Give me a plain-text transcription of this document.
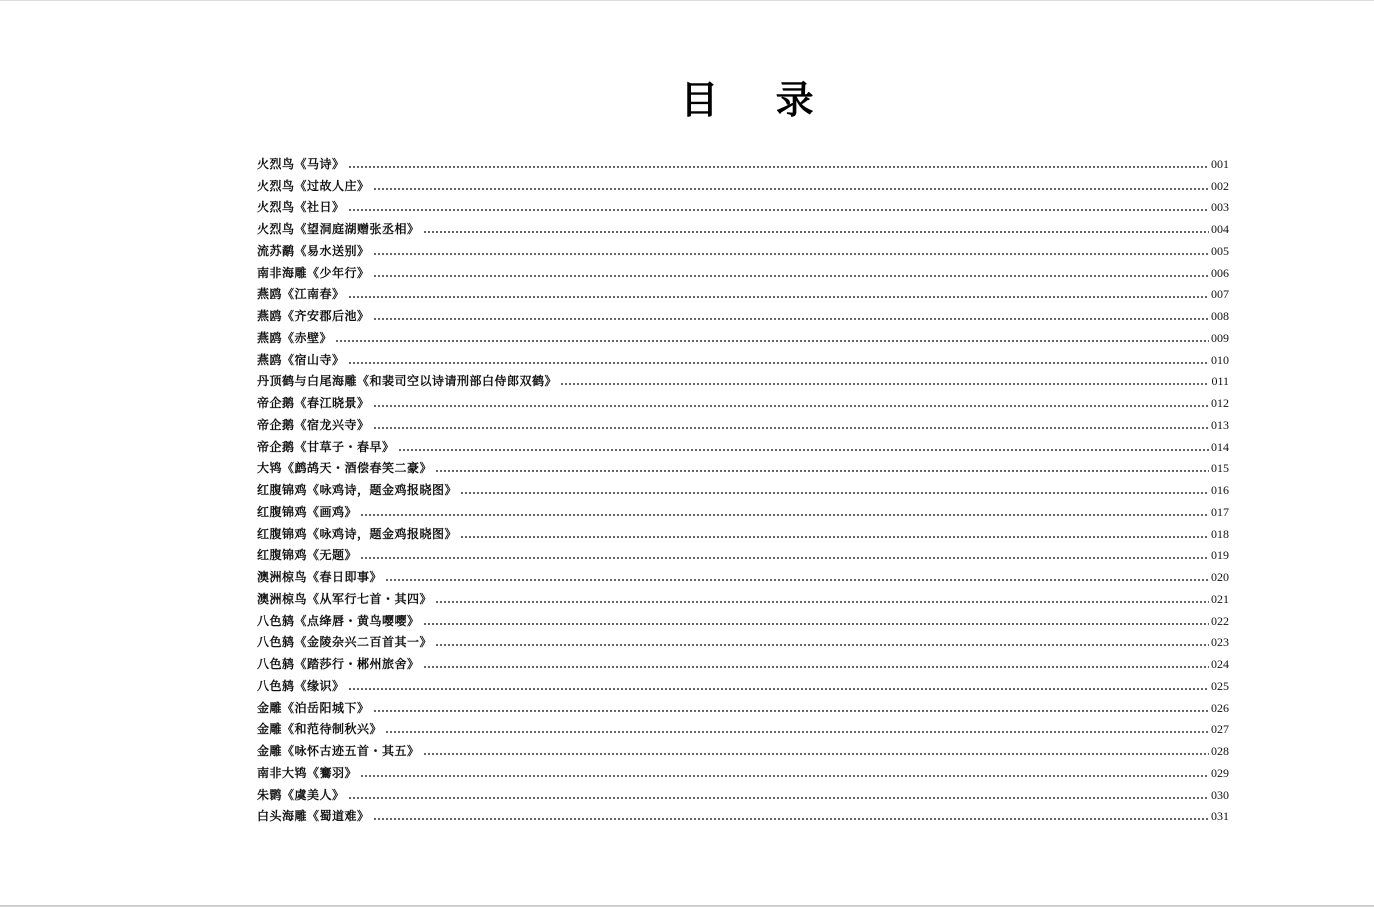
目 录
火烈鸟《马诗》	001
火烈鸟《过故人庄》	002
火烈鸟《社日》	003
火烈鸟《望洞庭湖赠张丞相》	004
流苏鹬《易水送别》	005
南非海雕《少年行》	006
燕鸥《江南春》	007
燕鸥《齐安郡后池》	008
燕鸥《赤壁》	009
燕鸥《宿山寺》	010
丹顶鹤与白尾海雕《和裴司空以诗请刑部白侍郎双鹤》	011
帝企鹅《春江晓景》	012
帝企鹅《宿龙兴寺》	013
帝企鹅《甘草子・春早》	014
大鸨《鹧鸪天・酒偿春笑二豪》	015
红腹锦鸡《咏鸡诗，题金鸡报晓图》	016
红腹锦鸡《画鸡》	017
红腹锦鸡《咏鸡诗，题金鸡报晓图》	018
红腹锦鸡《无题》	019
澳洲椋鸟《春日即事》	020
澳洲椋鸟《从军行七首・其四》	021
八色鸫《点绛唇・黄鸟嘤嘤》	022
八色鸫《金陵杂兴二百首其一》	023
八色鸫《踏莎行・郴州旅舍》	024
八色鸫《缘识》	025
金雕《泊岳阳城下》	026
金雕《和范待制秋兴》	027
金雕《咏怀古迹五首・其五》	028
南非大鸨《鶱羽》	029
朱鹮《虞美人》	030
白头海雕《蜀道难》	031
